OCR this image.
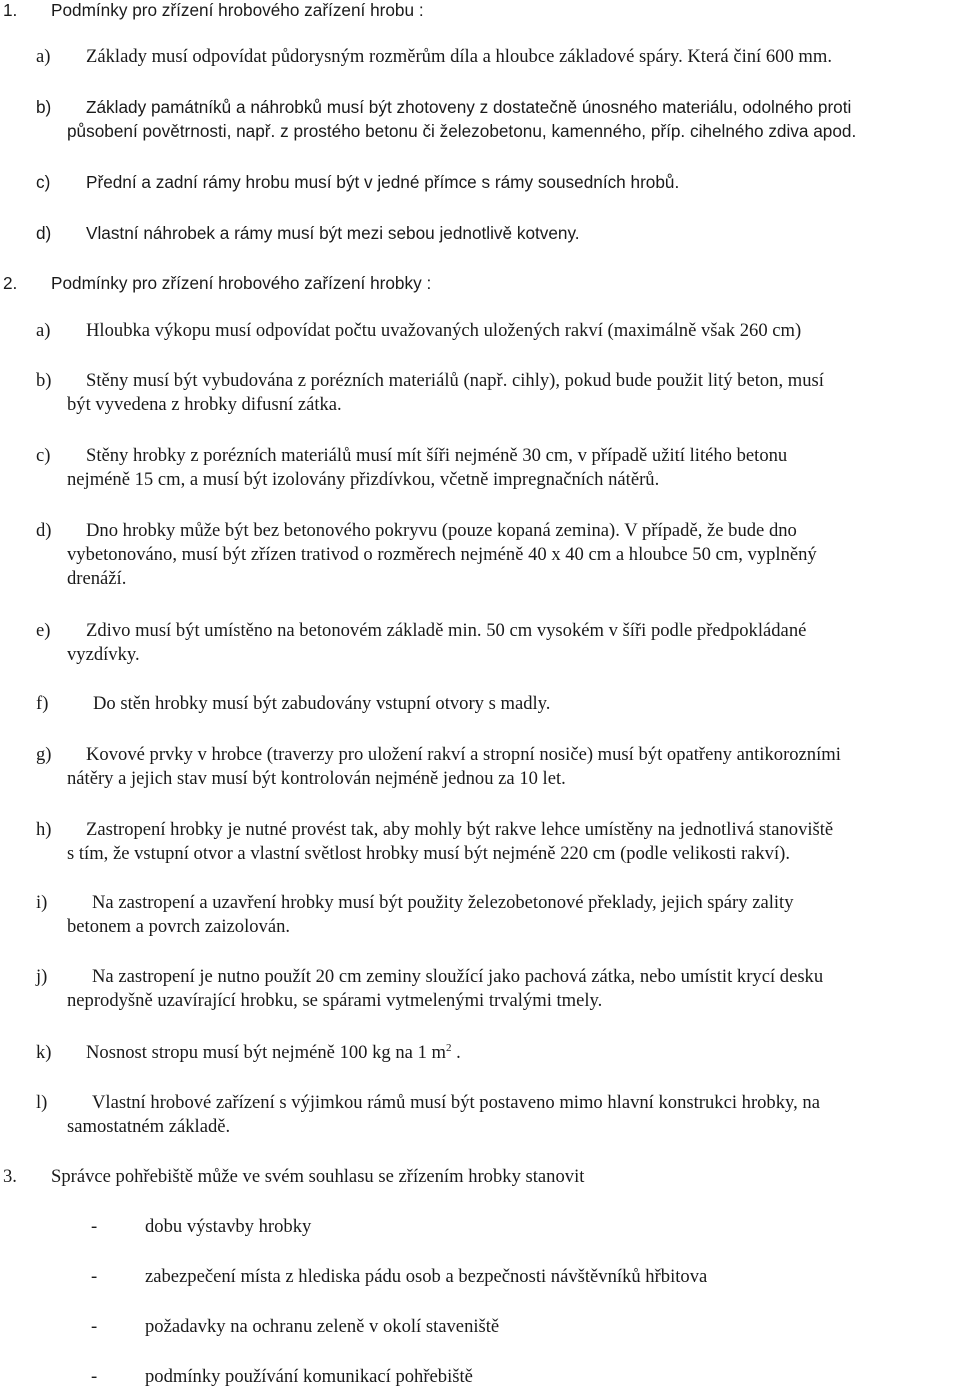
1. Podmínky pro zřízení hrobového zařízení hrobu :
a) Základy musí odpovídat půdorysným rozměrům díla a hloubce základové spáry. Která činí 600 mm.
b) Základy památníků a náhrobků musí být zhotoveny z dostatečně únosného materiálu, odolného proti
působení povětrnosti, např. z prostého betonu či železobetonu, kamenného, příp. cihelného zdiva apod.
c) Přední a zadní rámy hrobu musí být v jedné přímce s rámy sousedních hrobů.
d) Vlastní náhrobek a rámy musí být mezi sebou jednotlivě kotveny.
2. Podmínky pro zřízení hrobového zařízení hrobky :
a) Hloubka výkopu musí odpovídat počtu uvažovaných uložených rakví (maximálně však 260 cm)
b) Stěny musí být vybudována z porézních materiálů (např. cihly), pokud bude použit litý beton, musí
být vyvedena z hrobky difusní zátka.
c) Stěny hrobky z porézních materiálů musí mít šíři nejméně 30 cm, v případě užití litého betonu
nejméně 15 cm, a musí být izolovány přizdívkou, včetně impregnačních nátěrů.
d) Dno hrobky může být bez betonového pokryvu (pouze kopaná zemina). V případě, že bude dno
vybetonováno, musí být zřízen trativod o rozměrech nejméně 40 x 40 cm a hloubce 50 cm, vyplněný
drenáží.
e) Zdivo musí být umístěno na betonovém základě min. 50 cm vysokém v šíři podle předpokládané
vyzdívky.
f) Do stěn hrobky musí být zabudovány vstupní otvory s madly.
g) Kovové prvky v hrobce (traverzy pro uložení rakví a stropní nosiče) musí být opatřeny antikorozními
nátěry a jejich stav musí být kontrolován nejméně jednou za 10 let.
h) Zastropení hrobky je nutné provést tak, aby mohly být rakve lehce umístěny na jednotlivá stanoviště
s tím, že vstupní otvor a vlastní světlost hrobky musí být nejméně 220 cm (podle velikosti rakví).
i) Na zastropení a uzavření hrobky musí být použity železobetonové překlady, jejich spáry zality
betonem a povrch zaizolován.
j) Na zastropení je nutno použít 20 cm zeminy sloužící jako pachová zátka, nebo umístit krycí desku
neprodyšně uzavírající hrobku, se spárami vytmelenými trvalými tmely.
k) Nosnost stropu musí být nejméně 100 kg na 1 $m^2$ .
l) Vlastní hrobové zařízení s výjimkou rámů musí být postaveno mimo hlavní konstrukci hrobky, na
samostatném základě.
3. Správce pohřebiště může ve svém souhlasu se zřízením hrobky stanovit
-	dobu výstavby hrobky
-	zabezpečení místa z hlediska pádu osob a bezpečnosti návštěvníků hřbitova
-	požadavky na ochranu zeleně v okolí staveniště
-	podmínky používání komunikací pohřebiště
